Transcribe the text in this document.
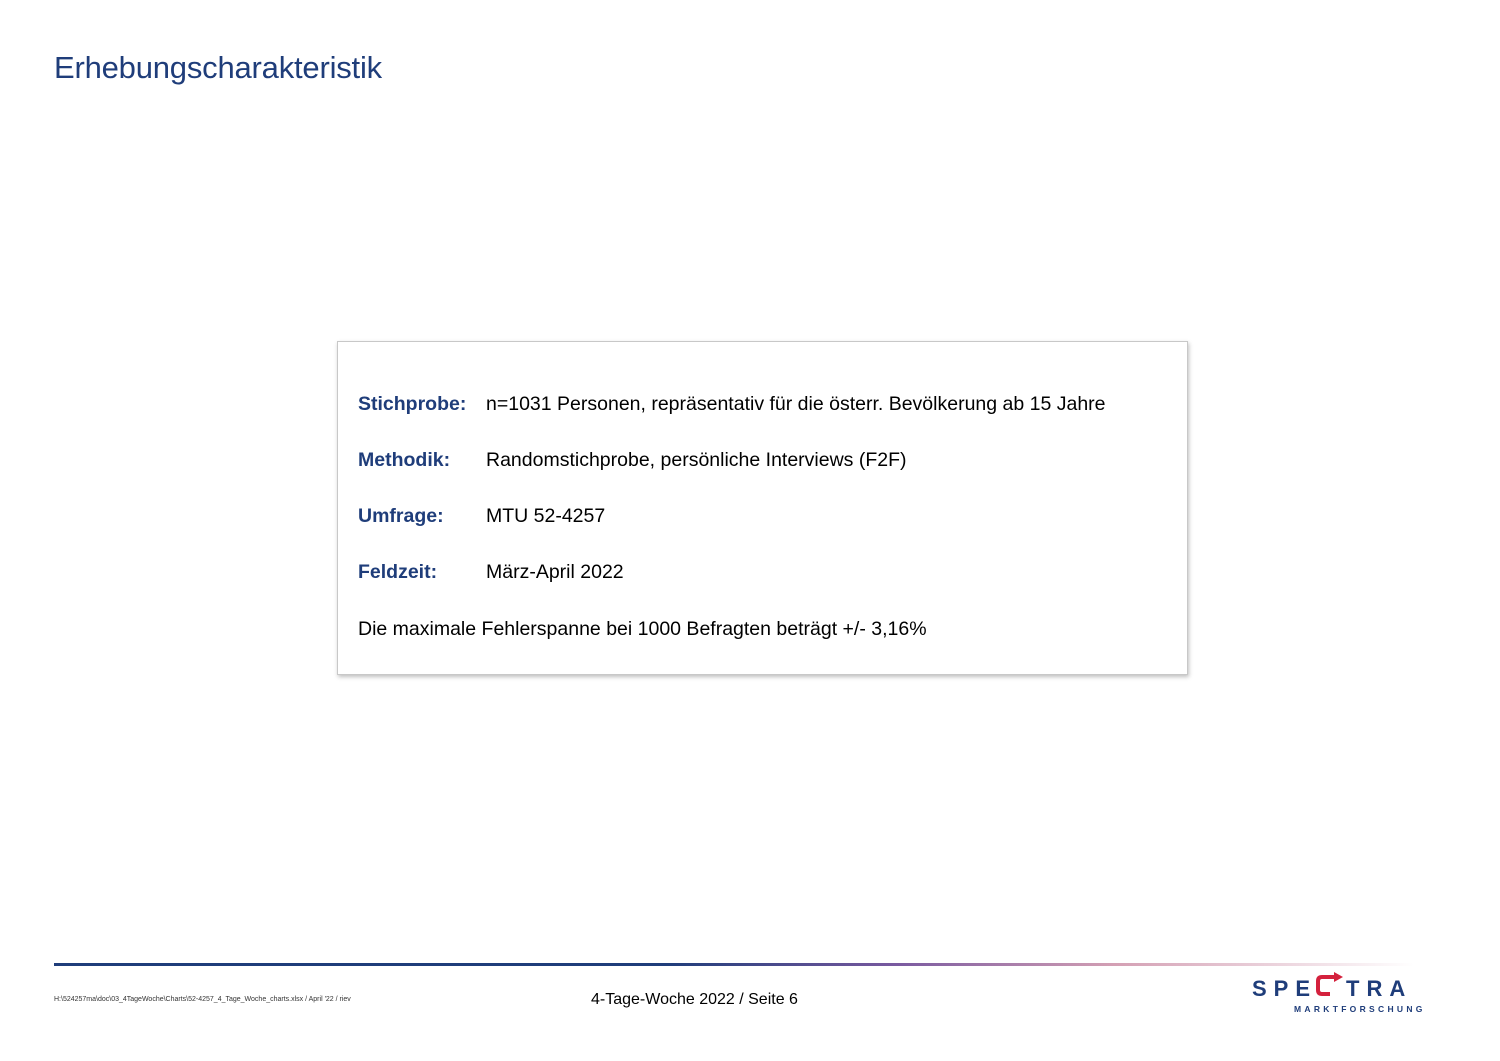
Erhebungscharakteristik
Stichprobe: n=1031 Personen, repräsentativ für die österr. Bevölkerung ab 15 Jahre
Methodik: Randomstichprobe, persönliche Interviews (F2F)
Umfrage: MTU 52-4257
Feldzeit:	März-April 2022
Die maximale Fehlerspanne bei 1000 Befragten beträgt +/- 3,16%
H:\524257ma\doc\03_4TageWoche\Charts\52-4257_4_Tage_Woche_charts.xlsx / April '22 / riev	4-Tage-Woche 2022 / Seite 6	SPE TRA
MARKTFORSCHUNG
